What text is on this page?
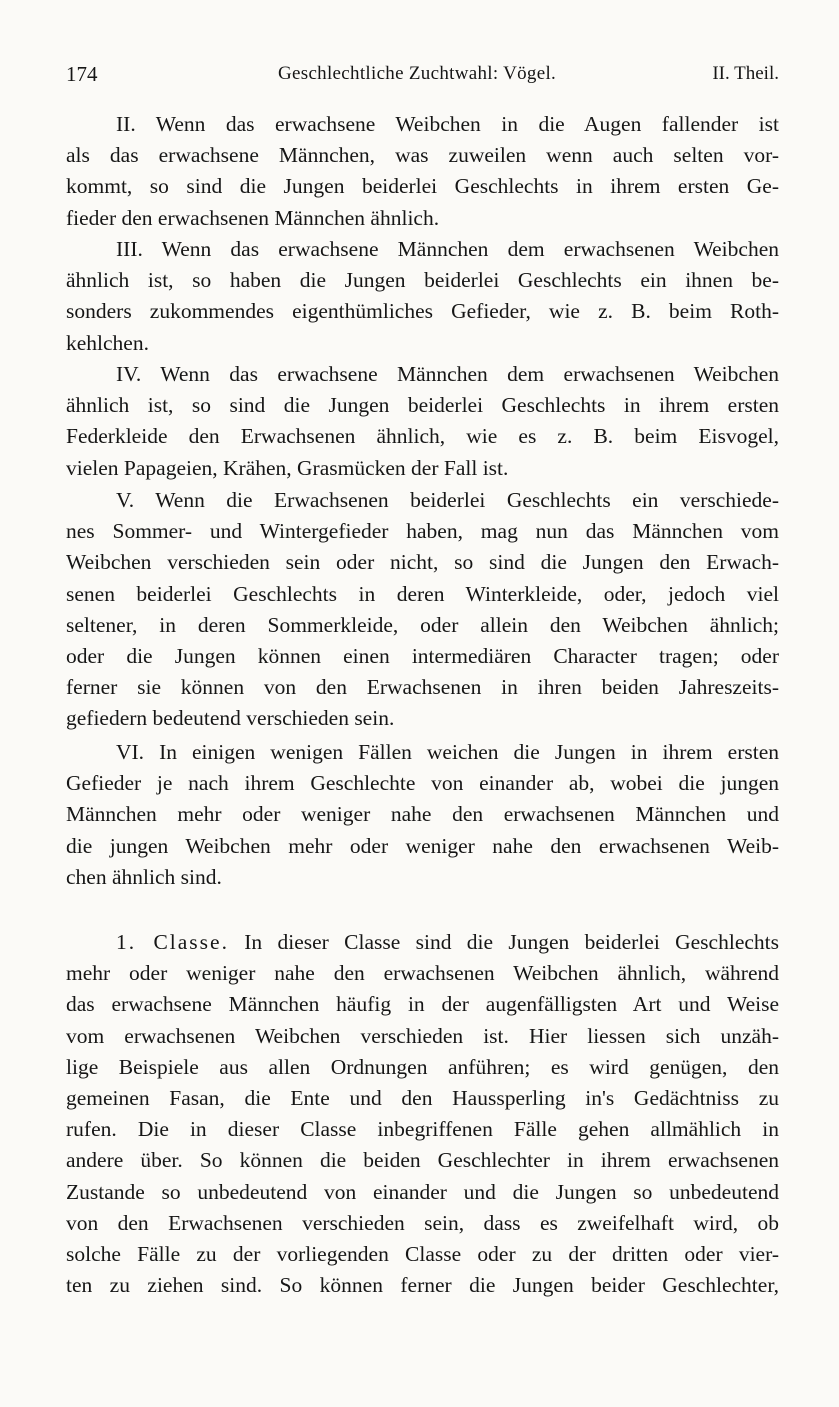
174	Geschlechtliche Zuchtwahl: Vögel.	II. Theil.
II. Wenn das erwachsene Weibchen in die Augen fallender ist
als das erwachsene Männchen, was zuweilen wenn auch selten vor-
kommt, so sind die Jungen beiderlei Geschlechts in ihrem ersten Ge-
fieder den erwachsenen Männchen ähnlich.
III. Wenn das erwachsene Männchen dem erwachsenen Weibchen
ähnlich ist, so haben die Jungen beiderlei Geschlechts ein ihnen be-
sonders zukommendes eigenthümliches Gefieder, wie z. B. beim Roth-
kehlchen.
IV. Wenn das erwachsene Männchen dem erwachsenen Weibchen
ähnlich ist, so sind die Jungen beiderlei Geschlechts in ihrem ersten
Federkleide den Erwachsenen ähnlich, wie es z. B. beim Eisvogel,
vielen Papageien, Krähen, Grasmücken der Fall ist.
V. Wenn die Erwachsenen beiderlei Geschlechts ein verschiede-
nes Sommer- und Wintergefieder haben, mag nun das Männchen vom
Weibchen verschieden sein oder nicht, so sind die Jungen den Erwach-
senen beiderlei Geschlechts in deren Winterkleide, oder, jedoch viel
seltener, in deren Sommerkleide, oder allein den Weibchen ähnlich;
oder die Jungen können einen intermediären Character tragen; oder
ferner sie können von den Erwachsenen in ihren beiden Jahreszeits-
gefiedern bedeutend verschieden sein.
VI. In einigen wenigen Fällen weichen die Jungen in ihrem ersten
Gefieder je nach ihrem Geschlechte von einander ab, wobei die jungen
Männchen mehr oder weniger nahe den erwachsenen Männchen und
die jungen Weibchen mehr oder weniger nahe den erwachsenen Weib-
chen ähnlich sind.
1. Classe. In dieser Classe sind die Jungen beiderlei Geschlechts
mehr oder weniger nahe den erwachsenen Weibchen ähnlich, während
das erwachsene Männchen häufig in der augenfälligsten Art und Weise
vom erwachsenen Weibchen verschieden ist. Hier liessen sich unzäh-
lige Beispiele aus allen Ordnungen anführen; es wird genügen, den
gemeinen Fasan, die Ente und den Haussperling in's Gedächtniss zu
rufen. Die in dieser Classe inbegriffenen Fälle gehen allmählich in
andere über. So können die beiden Geschlechter in ihrem erwachsenen
Zustande so unbedeutend von einander und die Jungen so unbedeutend
von den Erwachsenen verschieden sein, dass es zweifelhaft wird, ob
solche Fälle zu der vorliegenden Classe oder zu der dritten oder vier-
ten zu ziehen sind. So können ferner die Jungen beider Geschlechter,
